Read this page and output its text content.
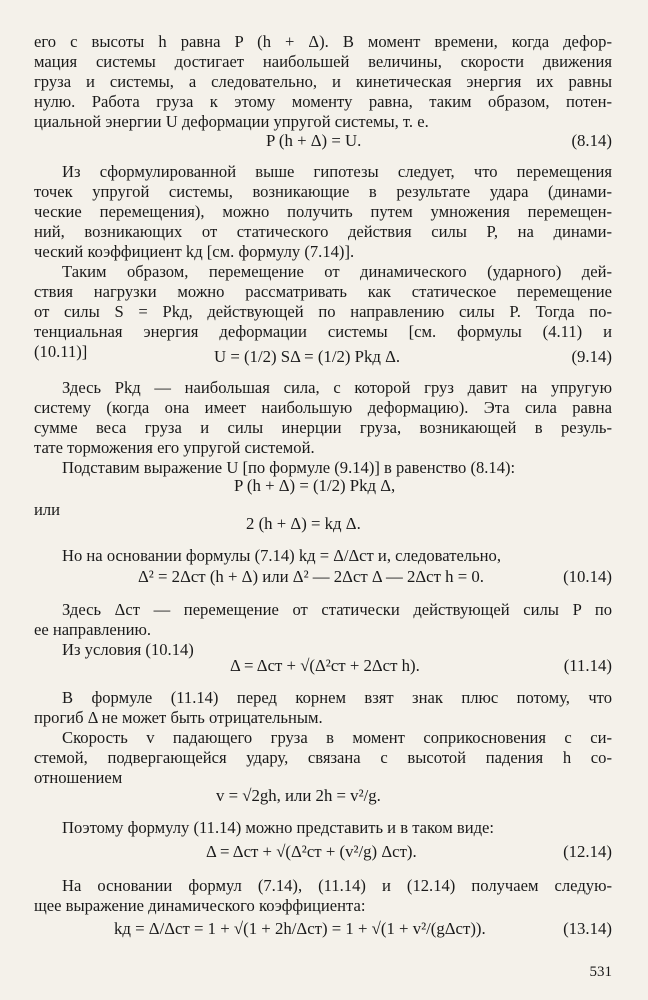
его с высоты h равна P (h + Δ). В момент времени, когда дефор-
мация системы достигает наибольшей величины, скорости движения
груза и системы, а следовательно, и кинетическая энергия их равны
нулю. Работа груза к этому моменту равна, таким образом, потен-
циальной энергии U деформации упругой системы, т. е.
P (h + Δ) = U.	(8.14)
Из сформулированной выше гипотезы следует, что перемещения
точек упругой системы, возникающие в результате удара (динами-
ческие перемещения), можно получить путем умножения перемещен-
ний, возникающих от статического действия силы P, на динами-
ческий коэффициент kд [см. формулу (7.14)].
Таким образом, перемещение от динамического (ударного) дей-
ствия нагрузки можно рассматривать как статическое перемещение
от силы S = Pkд, действующей по направлению силы P. Тогда по-
тенциальная энергия деформации системы [см. формулы (4.11) и
(10.11)]	U = (1/2) SΔ = (1/2) Pkд Δ.	(9.14)
Здесь Pkд — наибольшая сила, с которой груз давит на упругую
систему (когда она имеет наибольшую деформацию). Эта сила равна
сумме веса груза и силы инерции груза, возникающей в резуль-
тате торможения его упругой системой.
Подставим выражение U [по формуле (9.14)] в равенство (8.14):
P (h + Δ) = (1/2) Pkд Δ,
или
2 (h + Δ) = kд Δ.
Но на основании формулы (7.14) kд = Δ/Δст и, следовательно,
Δ² = 2Δст (h + Δ) или Δ² — 2Δст Δ — 2Δст h = 0.	(10.14)
Здесь Δст — перемещение от статически действующей силы P по
ее направлению.
Из условия (10.14)
Δ = Δст + √(Δ²ст + 2Δст h).	(11.14)
В формуле (11.14) перед корнем взят знак плюс потому, что
прогиб Δ не может быть отрицательным.
Скорость v падающего груза в момент соприкосновения с си-
стемой, подвергающейся удару, связана с высотой падения h со-
отношением
v = √2gh, или 2h = v²/g.
Поэтому формулу (11.14) можно представить и в таком виде:
Δ = Δст + √(Δ²ст + (v²/g) Δст).	(12.14)
На основании формул (7.14), (11.14) и (12.14) получаем следую-
щее выражение динамического коэффициента:
kд = Δ/Δст = 1 + √(1 + 2h/Δст) = 1 + √(1 + v²/(gΔст)).	(13.14)
531
